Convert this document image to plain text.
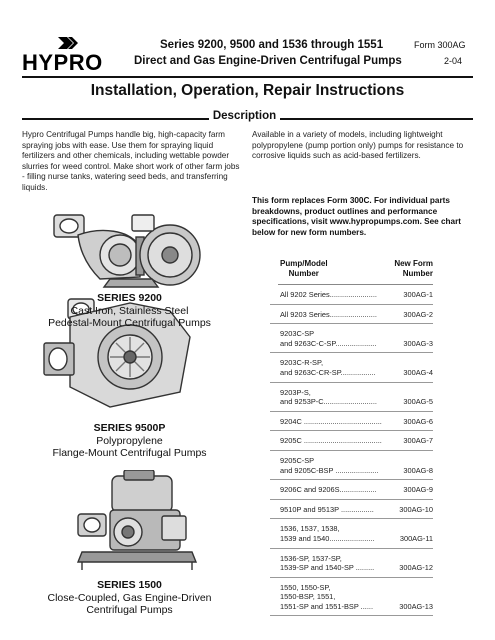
HYPRO
Series 9200, 9500 and 1536 through 1551
Direct and Gas Engine-Driven Centrifugal Pumps
Form 300AG
2-04
Installation, Operation, Repair Instructions
Description
Hypro Centrifugal Pumps handle big, high-capacity farm spraying jobs with ease. Use them for spraying liquid fertilizers and other chemicals, including wettable powder slurries for weed control. Make short work of other farm jobs - filling nurse tanks, watering seed beds, and transferring liquids.
Available in a variety of models, including lightweight polypropylene (pump portion only) pumps for resistance to corrosive liquids such as acid-based fertilizers.
This form replaces Form 300C. For individual parts breakdowns, product outlines and performance specifications, visit www.hypropumps.com. See chart below for new form numbers.
SERIES 9200
Cast Iron, Stainless Steel
Pedestal-Mount Centrifugal Pumps
SERIES 9500P
Polypropylene
Flange-Mount Centrifugal Pumps
SERIES 1500
Close-Coupled, Gas Engine-Driven
Centrifugal Pumps
Pump/Model
Number
New Form
Number
All 9202 Series.......................	300AG-1
All 9203 Series.......................	300AG-2
9203C-SP
and 9263C-C-SP....................	300AG-3
9203C-R-SP,
and 9263C-CR-SP.................	300AG-4
9203P-S,
and 9253P-C..........................	300AG-5
9204C ......................................	300AG-6
9205C ......................................	300AG-7
9205C-SP
and 9205C-BSP .....................	300AG-8
9206C and 9206S..................	300AG-9
9510P and 9513P ................	300AG-10
1536, 1537, 1538,
1539 and 1540......................	300AG-11
1536-SP, 1537-SP,
1539-SP and 1540-SP .........	300AG-12
1550, 1550-SP,
1550-BSP, 1551,
1551-SP and 1551-BSP ......	300AG-13
